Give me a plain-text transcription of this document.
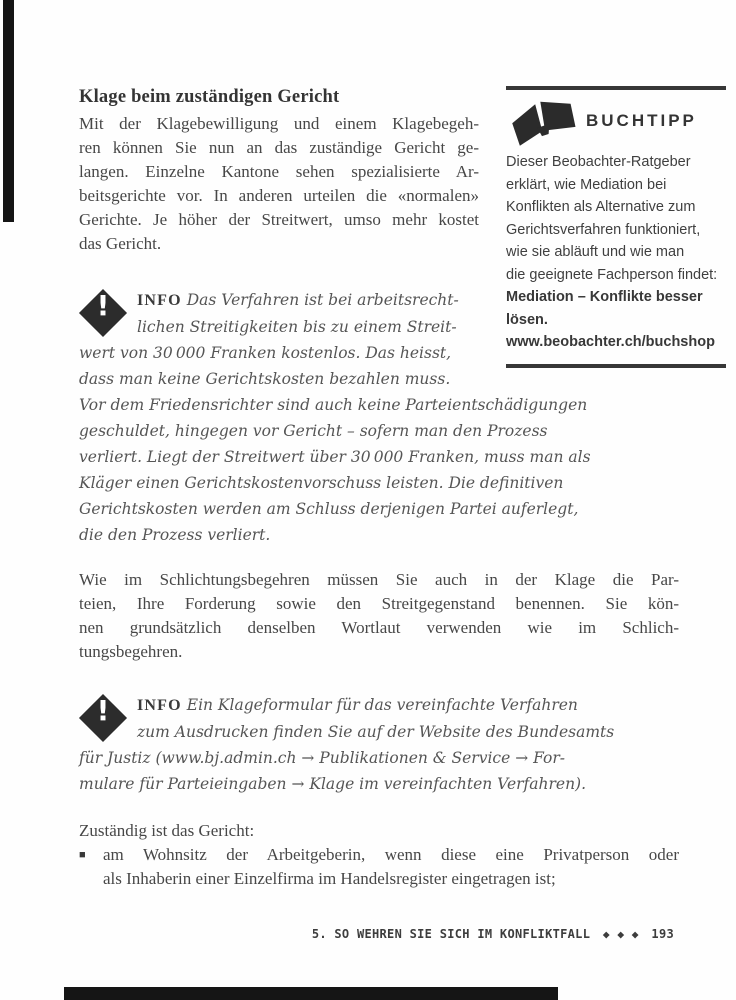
BUCHTIPP
Dieser Beobachter-Ratgeber
erklärt, wie Mediation bei
Konflikten als Alternative zum
Gerichtsverfahren funktioniert,
wie sie abläuft und wie man
die geeignete Fachperson findet:
Mediation – Konflikte besser
lösen.
www.beobachter.ch/buchshop
Klage beim zuständigen Gericht
Mit der Klagebewilligung und einem Klagebegeh-
ren können Sie nun an das zuständige Gericht ge-
langen. Einzelne Kantone sehen spezialisierte Ar-
beitsgerichte vor. In anderen urteilen die «normalen»
Gerichte. Je höher der Streitwert, umso mehr kostet
das Gericht.
!	INFO Das Verfahren ist bei arbeitsrecht-
lichen Streitigkeiten bis zu einem Streit-
wert von 30 000 Franken kostenlos. Das heisst,
dass man keine Gerichtskosten bezahlen muss.
Vor dem Friedensrichter sind auch keine Parteientschädigungen
geschuldet, hingegen vor Gericht – sofern man den Prozess
verliert. Liegt der Streitwert über 30 000 Franken, muss man als
Kläger einen Gerichtskostenvorschuss leisten. Die definitiven
Gerichtskosten werden am Schluss derjenigen Partei auferlegt,
die den Prozess verliert.
Wie im Schlichtungsbegehren müssen Sie auch in der Klage die Par-
teien, Ihre Forderung sowie den Streitgegenstand benennen. Sie kön-
nen grundsätzlich denselben Wortlaut verwenden wie im Schlich-
tungsbegehren.
!	INFO Ein Klageformular für das vereinfachte Verfahren
zum Ausdrucken finden Sie auf der Website des Bundesamts
für Justiz (www.bj.admin.ch → Publikationen & Service → For-
mulare für Parteieingaben → Klage im vereinfachten Verfahren).
Zuständig ist das Gericht:
■	am Wohnsitz der Arbeitgeberin, wenn diese eine Privatperson oder
als Inhaberin einer Einzelfirma im Handelsregister eingetragen ist;
5. SO WEHREN SIE SICH IM KONFLIKTFALL ◆ ◆ ◆ 193
